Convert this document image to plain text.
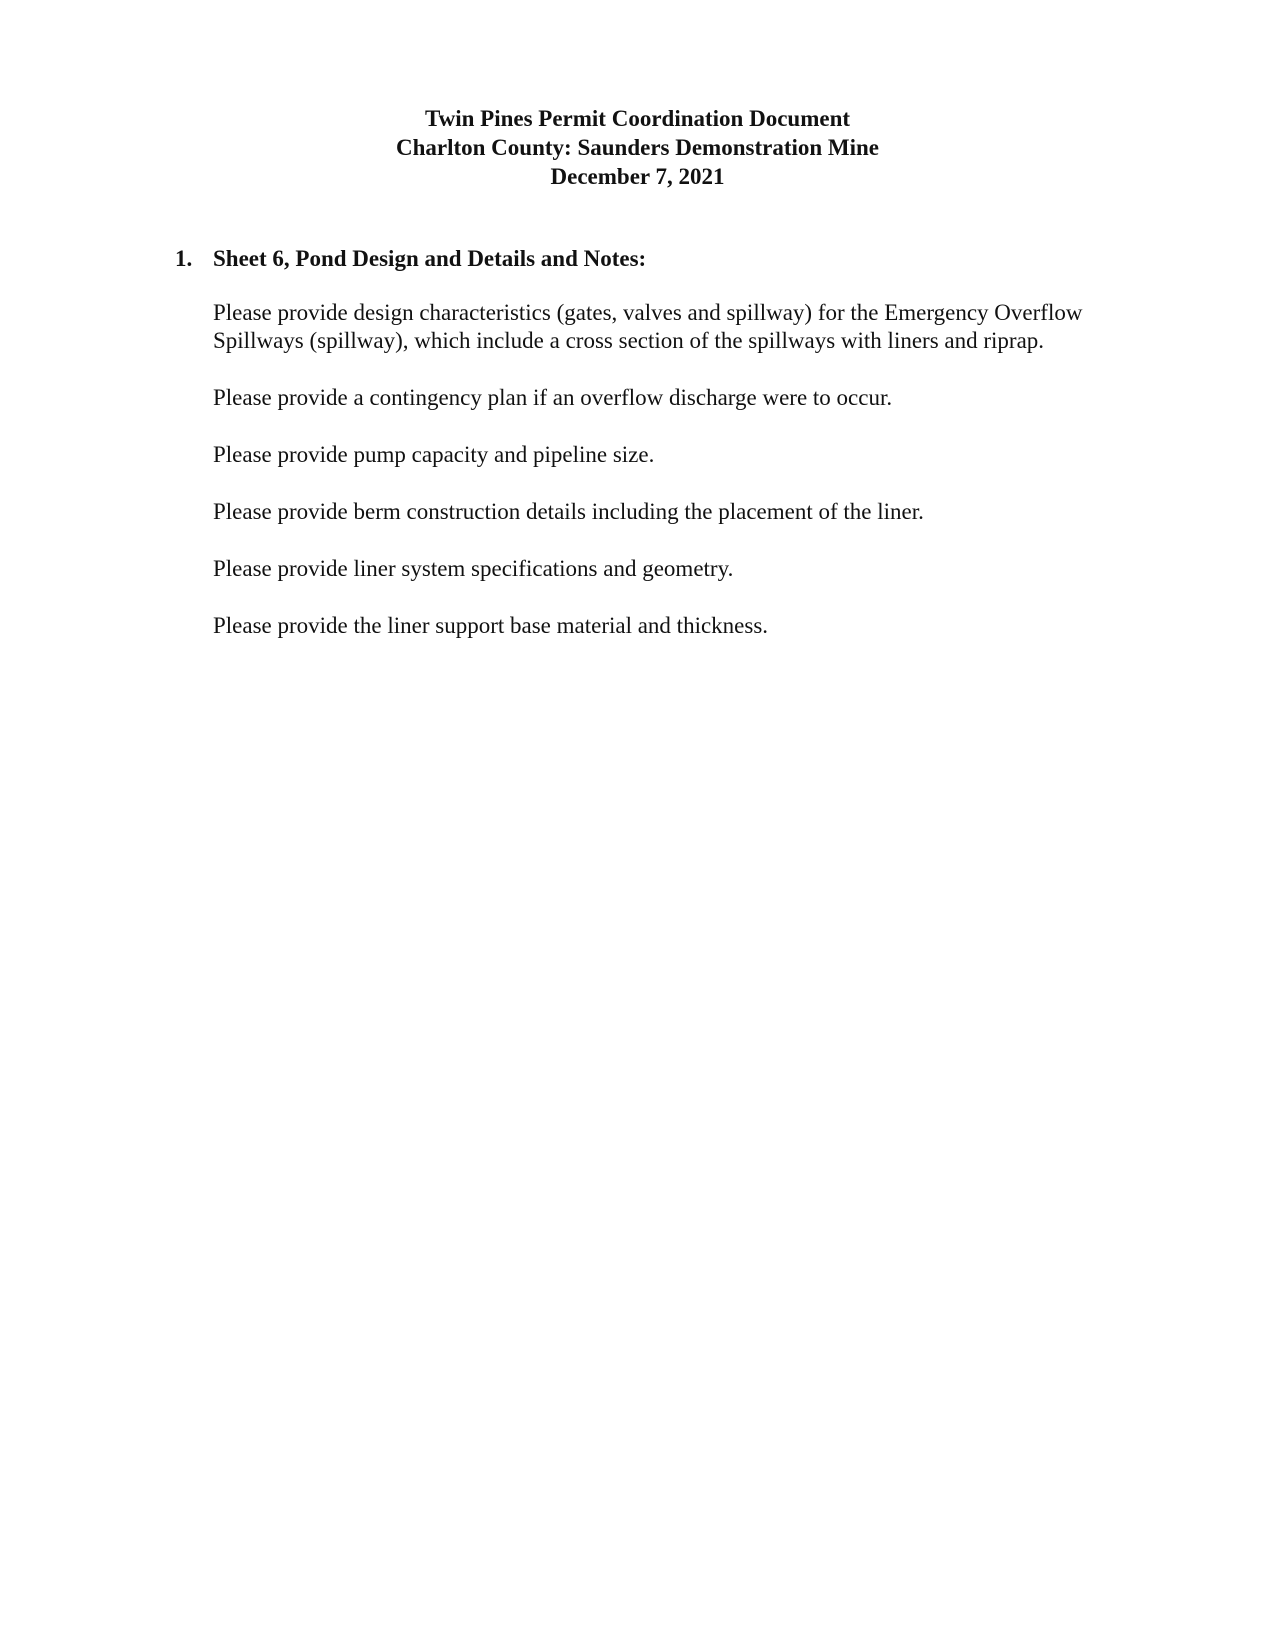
Twin Pines Permit Coordination Document

Charlton County: Saunders Demonstration Mine

December 7, 2021

1. Sheet 6, Pond Design and Details and Notes:
Please provide design characteristics (gates, valves and spillway) for the Emergency Overflow Spillways (spillway), which include a cross section of the spillways with liners and riprap.
Please provide a contingency plan if an overflow discharge were to occur.
Please provide pump capacity and pipeline size.
Please provide berm construction details including the placement of the liner.
Please provide liner system specifications and geometry.
Please provide the liner support base material and thickness.
